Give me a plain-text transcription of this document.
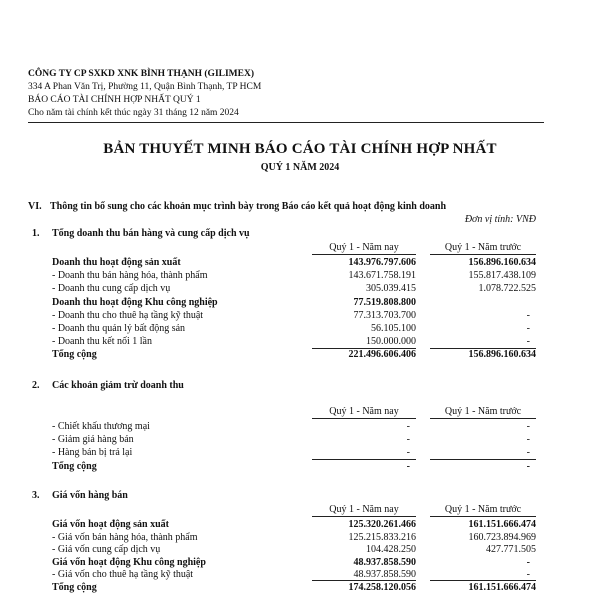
CÔNG TY CP SXKD XNK BÌNH THẠNH (GILIMEX)
334 A Phan Văn Trị, Phường 11, Quận Bình Thạnh, TP HCM
BÁO CÁO TÀI CHÍNH HỢP NHẤT QUÝ 1
Cho năm tài chính kết thúc ngày 31 tháng 12 năm 2024
BẢN THUYẾT MINH BÁO CÁO TÀI CHÍNH HỢP NHẤT
QUÝ 1 NĂM 2024
VI. Thông tin bổ sung cho các khoản mục trình bày trong Báo cáo kết quả hoạt động kinh doanh
Đơn vị tính: VNĐ
1. Tổng doanh thu bán hàng và cung cấp dịch vụ
Quý 1 - Năm nay	Quý 1 - Năm trước
Doanh thu hoạt động sản xuất	143.976.797.606	156.896.160.634
- Doanh thu bán hàng hóa, thành phẩm	143.671.758.191	155.817.438.109
- Doanh thu cung cấp dịch vụ	305.039.415	1.078.722.525
Doanh thu hoạt động Khu công nghiệp	77.519.808.800
- Doanh thu cho thuê hạ tầng kỹ thuật	77.313.703.700	-
- Doanh thu quản lý bất động sản	56.105.100	-
- Doanh thu kết nối 1 lần	150.000.000	-
Tổng cộng	221.496.606.406	156.896.160.634
2. Các khoản giảm trừ doanh thu
Quý 1 - Năm nay	Quý 1 - Năm trước
- Chiết khấu thương mại	-	-
- Giảm giá hàng bán	-	-
- Hàng bán bị trả lại	-	-
Tổng cộng	-	-
3. Giá vốn hàng bán
Quý 1 - Năm nay	Quý 1 - Năm trước
Giá vốn hoạt động sản xuất	125.320.261.466	161.151.666.474
- Giá vốn bán hàng hóa, thành phẩm	125.215.833.216	160.723.894.969
- Giá vốn cung cấp dịch vụ	104.428.250	427.771.505
Giá vốn hoạt động Khu công nghiệp	48.937.858.590	-
- Giá vốn cho thuê hạ tầng kỹ thuật	48.937.858.590	-
Tổng cộng	174.258.120.056	161.151.666.474
